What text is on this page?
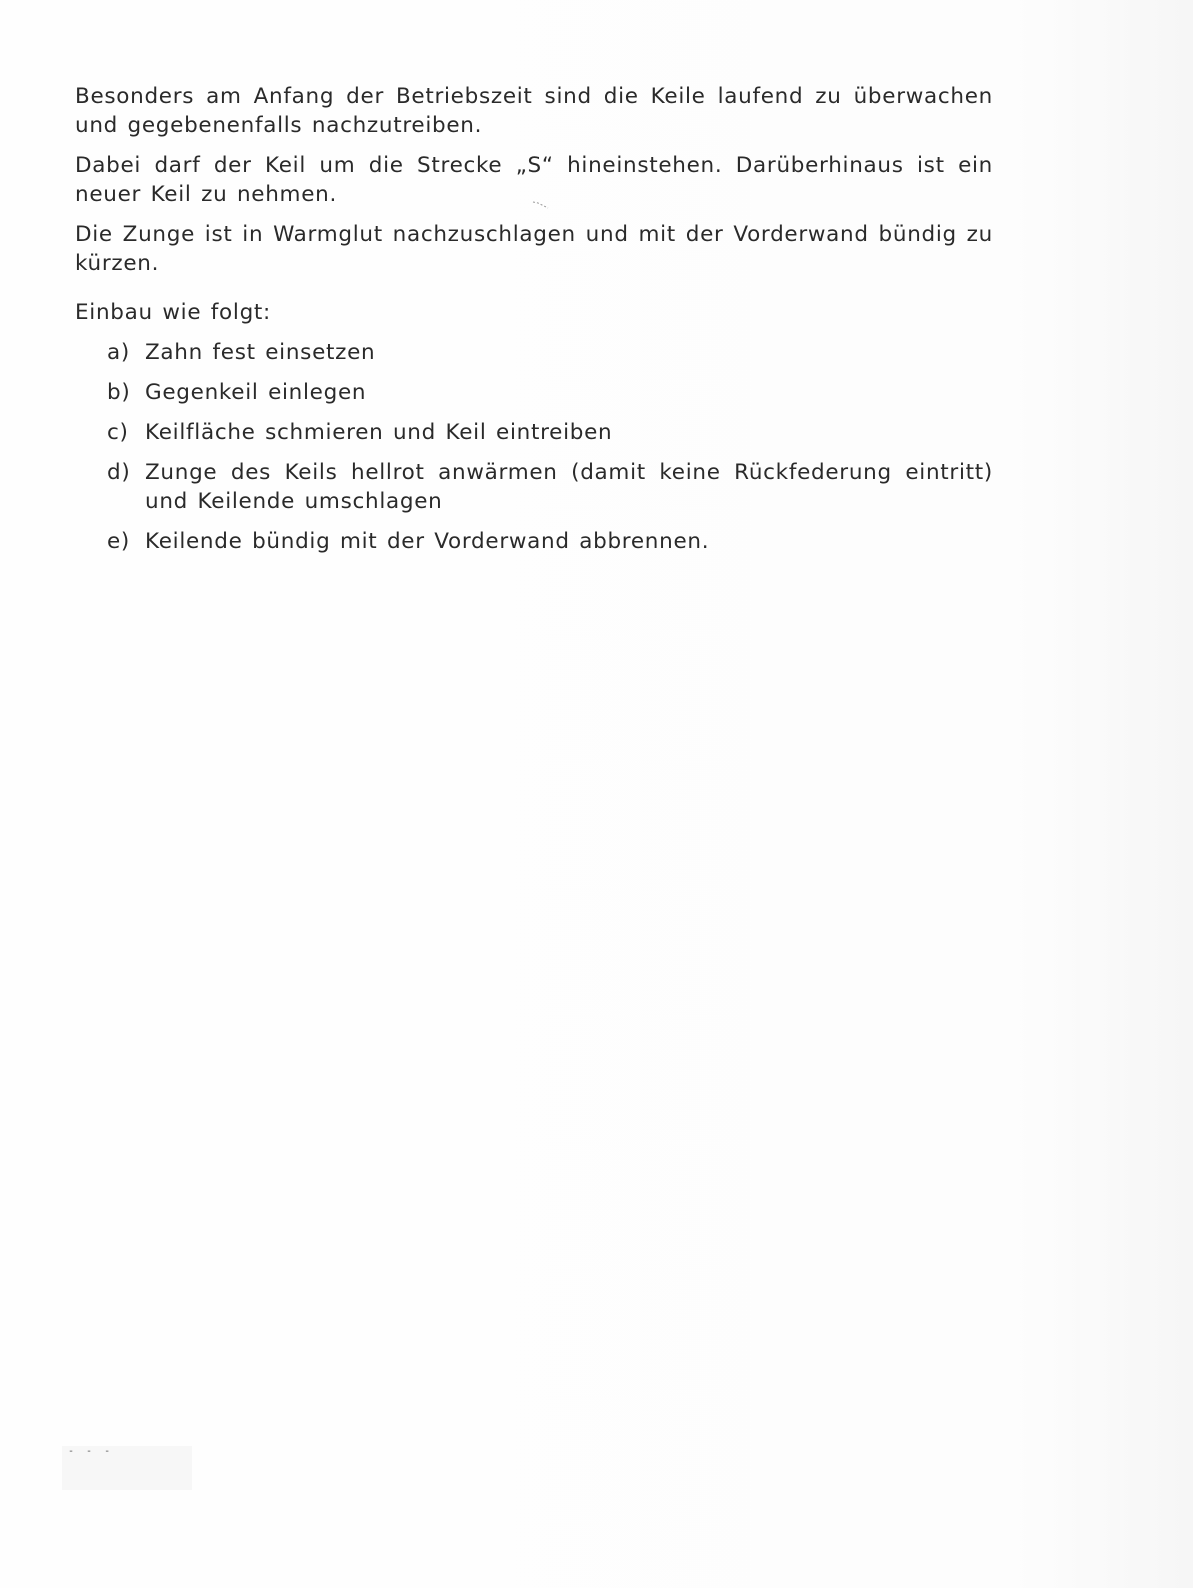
Besonders am Anfang der Betriebszeit sind die Keile laufend zu überwachen und gegebenenfalls nachzutreiben.

Dabei darf der Keil um die Strecke „S“ hineinstehen. Darüberhinaus ist ein neuer Keil zu nehmen.

Die Zunge ist in Warmglut nachzuschlagen und mit der Vorderwand bündig zu kürzen.

Einbau wie folgt:

a) Zahn fest einsetzen
b) Gegenkeil einlegen
c) Keilfläche schmieren und Keil eintreiben
d) Zunge des Keils hellrot anwärmen (damit keine Rückfederung eintritt) und Keilende umschlagen
e) Keilende bündig mit der Vorderwand abbrennen.
- - -
